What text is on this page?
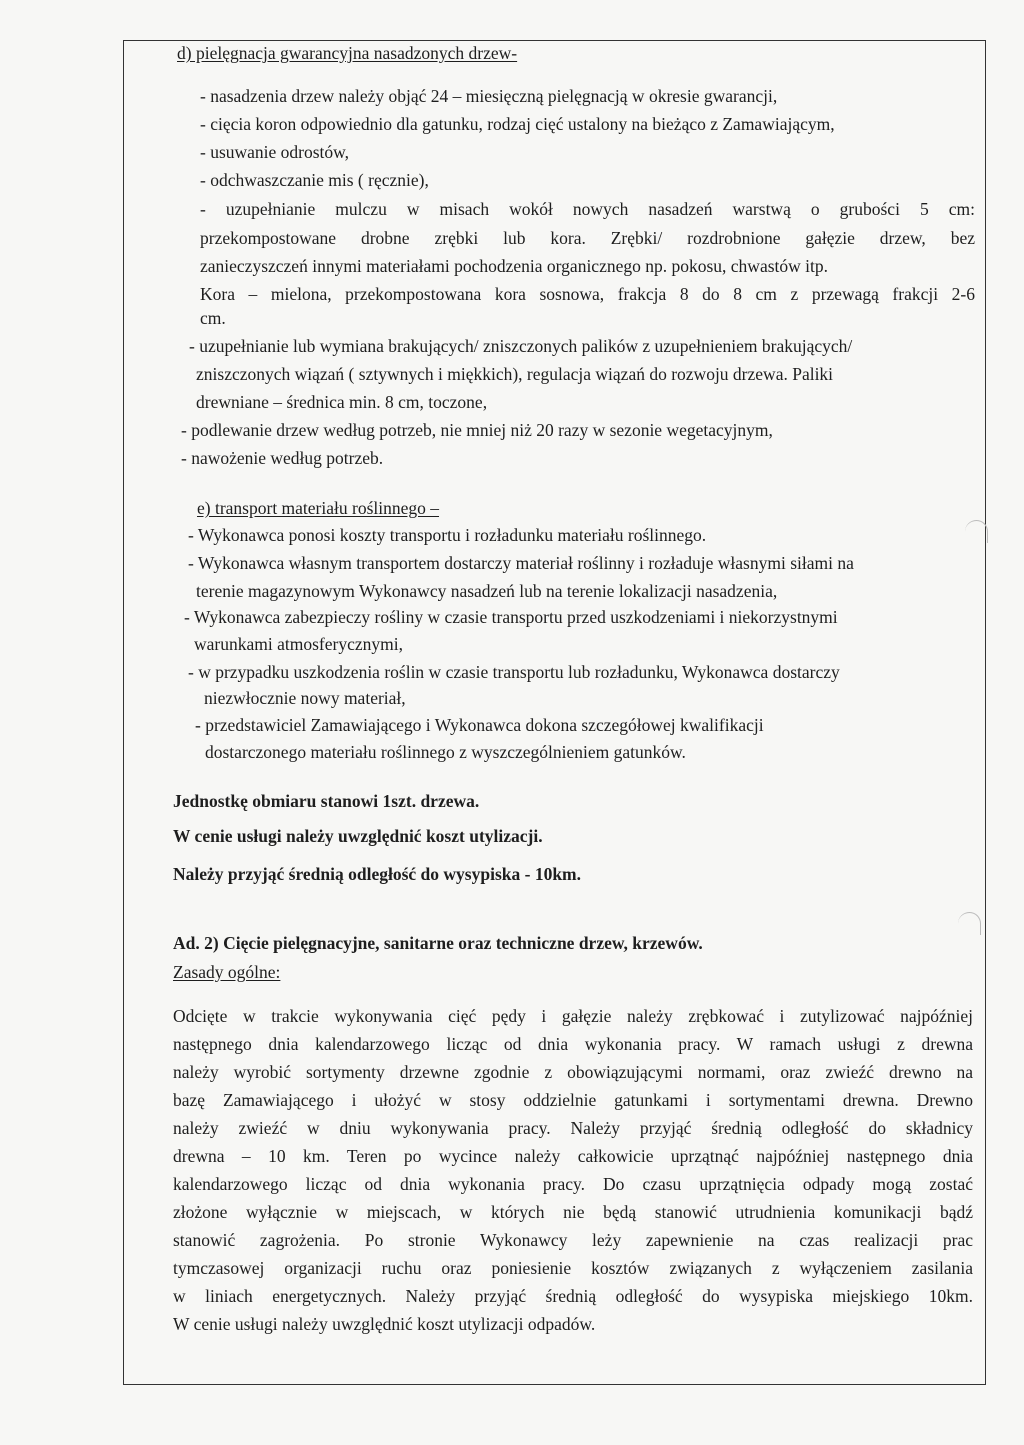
d) pielęgnacja gwarancyjna nasadzonych drzew-
- nasadzenia drzew należy objąć 24 – miesięczną pielęgnacją w okresie gwarancji,
- cięcia koron odpowiednio dla gatunku, rodzaj cięć ustalony na bieżąco z Zamawiającym,
- usuwanie odrostów,
- odchwaszczanie mis ( ręcznie),
- uzupełnianie mulczu w misach wokół nowych nasadzeń warstwą o grubości 5 cm:
przekompostowane drobne zrębki lub kora. Zrębki/ rozdrobnione gałęzie drzew, bez
zanieczyszczeń innymi materiałami pochodzenia organicznego np. pokosu, chwastów itp.
Kora – mielona, przekompostowana kora sosnowa, frakcja 8 do 8 cm z przewagą frakcji 2-6
cm.
- uzupełnianie lub wymiana brakujących/ zniszczonych palików z uzupełnieniem brakujących/
zniszczonych wiązań ( sztywnych i miękkich), regulacja wiązań do rozwoju drzewa. Paliki
drewniane – średnica min. 8 cm, toczone,
- podlewanie drzew według potrzeb, nie mniej niż 20 razy w sezonie wegetacyjnym,
- nawożenie według potrzeb.
e) transport materiału roślinnego –
- Wykonawca ponosi koszty transportu i rozładunku materiału roślinnego.
- Wykonawca własnym transportem dostarczy materiał roślinny i rozładuje własnymi siłami na
terenie magazynowym Wykonawcy nasadzeń lub na terenie lokalizacji nasadzenia,
- Wykonawca zabezpieczy rośliny w czasie transportu przed uszkodzeniami i niekorzystnymi
warunkami atmosferycznymi,
- w przypadku uszkodzenia roślin w czasie transportu lub rozładunku, Wykonawca dostarczy
niezwłocznie nowy materiał,
- przedstawiciel Zamawiającego i Wykonawca dokona szczegółowej kwalifikacji
dostarczonego materiału roślinnego z wyszczególnieniem gatunków.
Jednostkę obmiaru stanowi 1szt. drzewa.
W cenie usługi należy uwzględnić koszt utylizacji.
Należy przyjąć średnią odległość do wysypiska - 10km.
Ad. 2) Cięcie pielęgnacyjne, sanitarne oraz techniczne drzew, krzewów.
Zasady ogólne:
Odcięte w trakcie wykonywania cięć pędy i gałęzie należy zrębkować i zutylizować najpóźniej
następnego dnia kalendarzowego licząc od dnia wykonania pracy. W ramach usługi z drewna
należy wyrobić sortymenty drzewne zgodnie z obowiązującymi normami, oraz zwieźć drewno na
bazę Zamawiającego i ułożyć w stosy oddzielnie gatunkami i sortymentami drewna. Drewno
należy zwieźć w dniu wykonywania pracy. Należy przyjąć średnią odległość do składnicy
drewna – 10 km. Teren po wycince należy całkowicie uprzątnąć najpóźniej następnego dnia
kalendarzowego licząc od dnia wykonania pracy. Do czasu uprzątnięcia odpady mogą zostać
złożone wyłącznie w miejscach, w których nie będą stanowić utrudnienia komunikacji bądź
stanowić zagrożenia. Po stronie Wykonawcy leży zapewnienie na czas realizacji prac
tymczasowej organizacji ruchu oraz poniesienie kosztów związanych z wyłączeniem zasilania
w liniach energetycznych. Należy przyjąć średnią odległość do wysypiska miejskiego 10km.
W cenie usługi należy uwzględnić koszt utylizacji odpadów.
